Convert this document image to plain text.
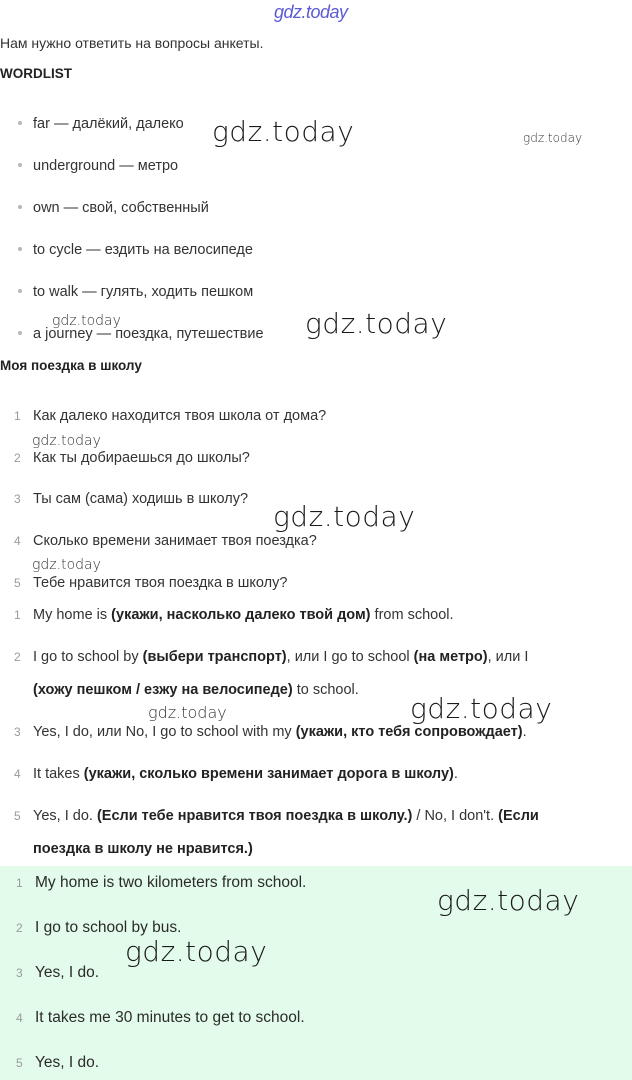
gdz.today
Нам нужно ответить на вопросы анкеты.
WORDLIST
far — далёкий, далеко
underground — метро
own — свой, собственный
to cycle — ездить на велосипеде
to walk — гулять, ходить пешком
a journey — поездка, путешествие
Моя поездка в школу
1 Как далеко находится твоя школа от дома?
2 Как ты добираешься до школы?
3 Ты сам (сама) ходишь в школу?
4 Сколько времени занимает твоя поездка?
5 Тебе нравится твоя поездка в школу?
1 My home is (укажи, насколько далеко твой дом) from school.
2 I go to school by (выбери транспорт), или I go to school (на метро), или I
(хожу пешком / езжу на велосипеде) to school.
3 Yes, I do, или No, I go to school with my (укажи, кто тебя сопровождает).
4 It takes (укажи, сколько времени занимает дорога в школу).
5 Yes, I do. (Если тебе нравится твоя поездка в школу.) / No, I don't. (Если
поездка в школу не нравится.)
1 My home is two kilometers from school.
2 I go to school by bus.
3 Yes, I do.
4 It takes me 30 minutes to get to school.
5 Yes, I do.
gdz.today	gdz.today
gdz.today
gdz.today
gdz.today
gdz.today
gdz.today
gdz.today	gdz.today
gdz.today
gdz.today
